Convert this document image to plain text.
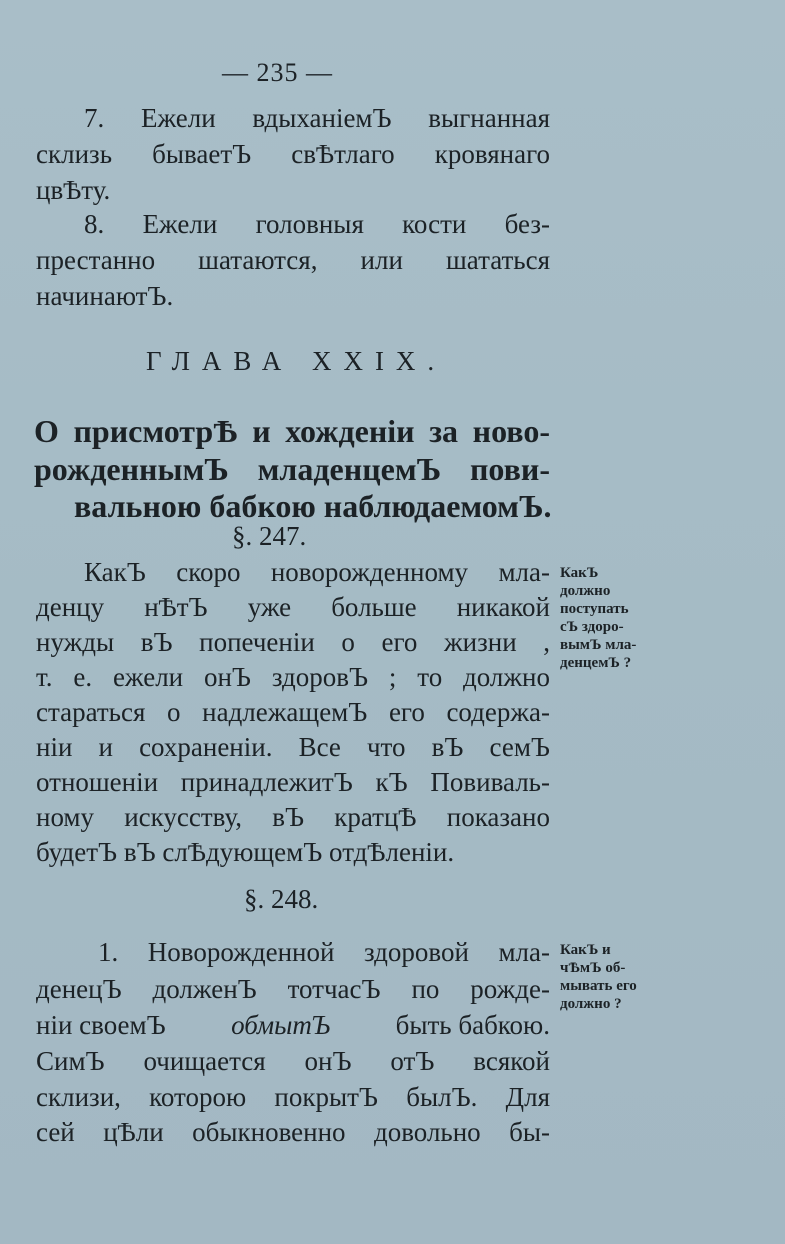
— 235 —

7. Ежели вдыханіемЪ выгнанная

склизь бываетЪ свѢтлаго кровянаго

цвѢту.

8. Ежели головныя кости без-

престанно шатаются, или шататься

начинаютЪ.

ГЛАВА XXIX.

О присмотрѢ и хожденіи за ново-

рожденнымЪ младенцемЪ пови-

вальною бабкою наблюдаемомЪ.

§. 247.

КакЪ скоро новорожденному мла-

денцу нѢтЪ уже больше никакой

нужды вЪ попеченіи о его жизни ,

т. е. ежели онЪ здоровЪ ; то должно

стараться о надлежащемЪ его содержа-

ніи и сохраненіи. Все что вЪ семЪ

отношеніи принадлежитЪ кЪ Повиваль-

ному искусству, вЪ кратцѢ показано

будетЪ вЪ слѢдующемЪ отдѢленіи.

КакЪ
должно
поступать
сЪ здоро-
вымЪ мла-
денцемЪ ?
§. 248.

1. Новорожденной здоровой мла-

денецЪ долженЪ тотчасЪ по рожде-

ніи своемЪ обмытЪ быть бабкою.

СимЪ очищается онЪ отЪ всякой

склизи, которою покрытЪ былЪ. Для

сей цѢли обыкновенно довольно бы-

КакЪ и
чѢмЪ об-
мывать его
должно ?
